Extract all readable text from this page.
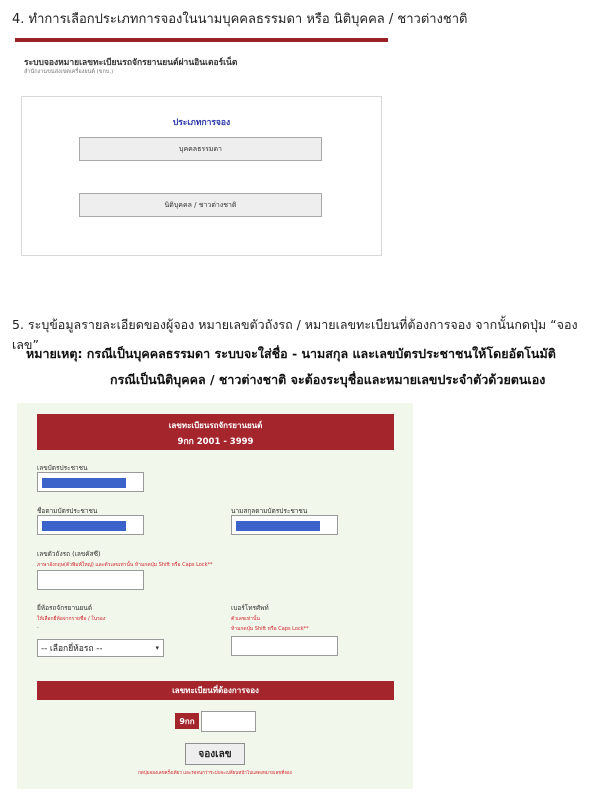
4. ทำการเลือกประเภทการจองในนามบุคคลธรรมดา หรือ นิติบุคคล / ชาวต่างชาติ
ระบบจองหมายเลขทะเบียนรถจักรยานยนต์ผ่านอินเตอร์เน็ต
สำนักงานขนส่งเขตเครื่องยนต์ (ขกบ.)
ประเภทการจอง
บุคคลธรรมดา
นิติบุคคล / ชาวต่างชาติ
5. ระบุข้อมูลรายละเอียดของผู้จอง หมายเลขตัวถังรถ / หมายเลขทะเบียนที่ต้องการจอง จากนั้นกดปุ่ม “จองเลข”
หมายเหตุ: กรณีเป็นบุคคลธรรมดา ระบบจะใส่ชื่อ - นามสกุล และเลขบัตรประชาชนให้โดยอัตโนมัติ
กรณีเป็นนิติบุคคล / ชาวต่างชาติ จะต้องระบุชื่อและหมายเลขประจำตัวด้วยตนเอง
เลขทะเบียนรถจักรยานยนต์
9กก 2001 - 3999
เลขบัตรประชาชน
ชื่อตามบัตรประชาชน	นามสกุลตามบัตรประชาชน
เลขตัวถังรถ (เลขคัสซี)
ภาษาอังกฤษ(ตัวพิมพ์ใหญ่) และตัวเลขเท่านั้น ห้ามกดปุ่ม Shift หรือ Caps Lock**
ยี่ห้อรถจักรยานยนต์
ให้เลือกยี่ห้อจากรายชื่อ / ในรอง
-
-- เลือกยี่ห้อรถ --	▾
เบอร์โทรศัพท์
ตัวเลขเท่านั้น
ห้ามกดปุ่ม Shift หรือ Caps Lock**
เลขทะเบียนที่ต้องการจอง
9กก
จองเลข
กดปุ่มจองเลขครั้งเดียว และรอจนกว่าระบบจะเปลี่ยนหน้าไปแสดงหมายเลขที่จอง
